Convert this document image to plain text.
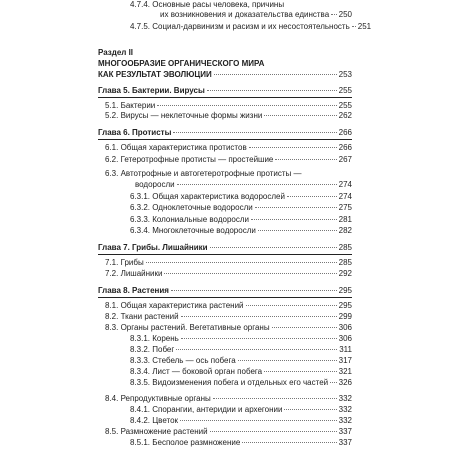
4.7.4. Основные расы человека, причины
их возникновения и доказательства единства 250
4.7.5. Социал-дарвинизм и расизм и их несостоятельность 251
Раздел II
МНОГООБРАЗИЕ ОРГАНИЧЕСКОГО МИРА
КАК РЕЗУЛЬТАТ ЭВОЛЮЦИИ	253
Глава 5. Бактерии. Вирусы	255
5.1. Бактерии	255
5.2. Вирусы — неклеточные формы жизни	262
Глава 6. Протисты	266
6.1. Общая характеристика протистов	266
6.2. Гетеротрофные протисты — простейшие	267
6.3. Автотрофные и автогетеротрофные протисты —
водоросли	274
6.3.1. Общая характеристика водорослей	274
6.3.2. Одноклеточные водоросли	275
6.3.3. Колониальные водоросли	281
6.3.4. Многоклеточные водоросли	282
Глава 7. Грибы. Лишайники	285
7.1. Грибы	285
7.2. Лишайники	292
Глава 8. Растения	295
8.1. Общая характеристика растений	295
8.2. Ткани растений	299
8.3. Органы растений. Вегетативные органы	306
8.3.1. Корень	306
8.3.2. Побег	311
8.3.3. Стебель — ось побега	317
8.3.4. Лист — боковой орган побега	321
8.3.5. Видоизменения побега и отдельных его частей 326
8.4. Репродуктивные органы	332
8.4.1. Спорангии, антеридии и архегонии	332
8.4.2. Цветок	332
8.5. Размножение растений	337
8.5.1. Бесполое размножение	337
